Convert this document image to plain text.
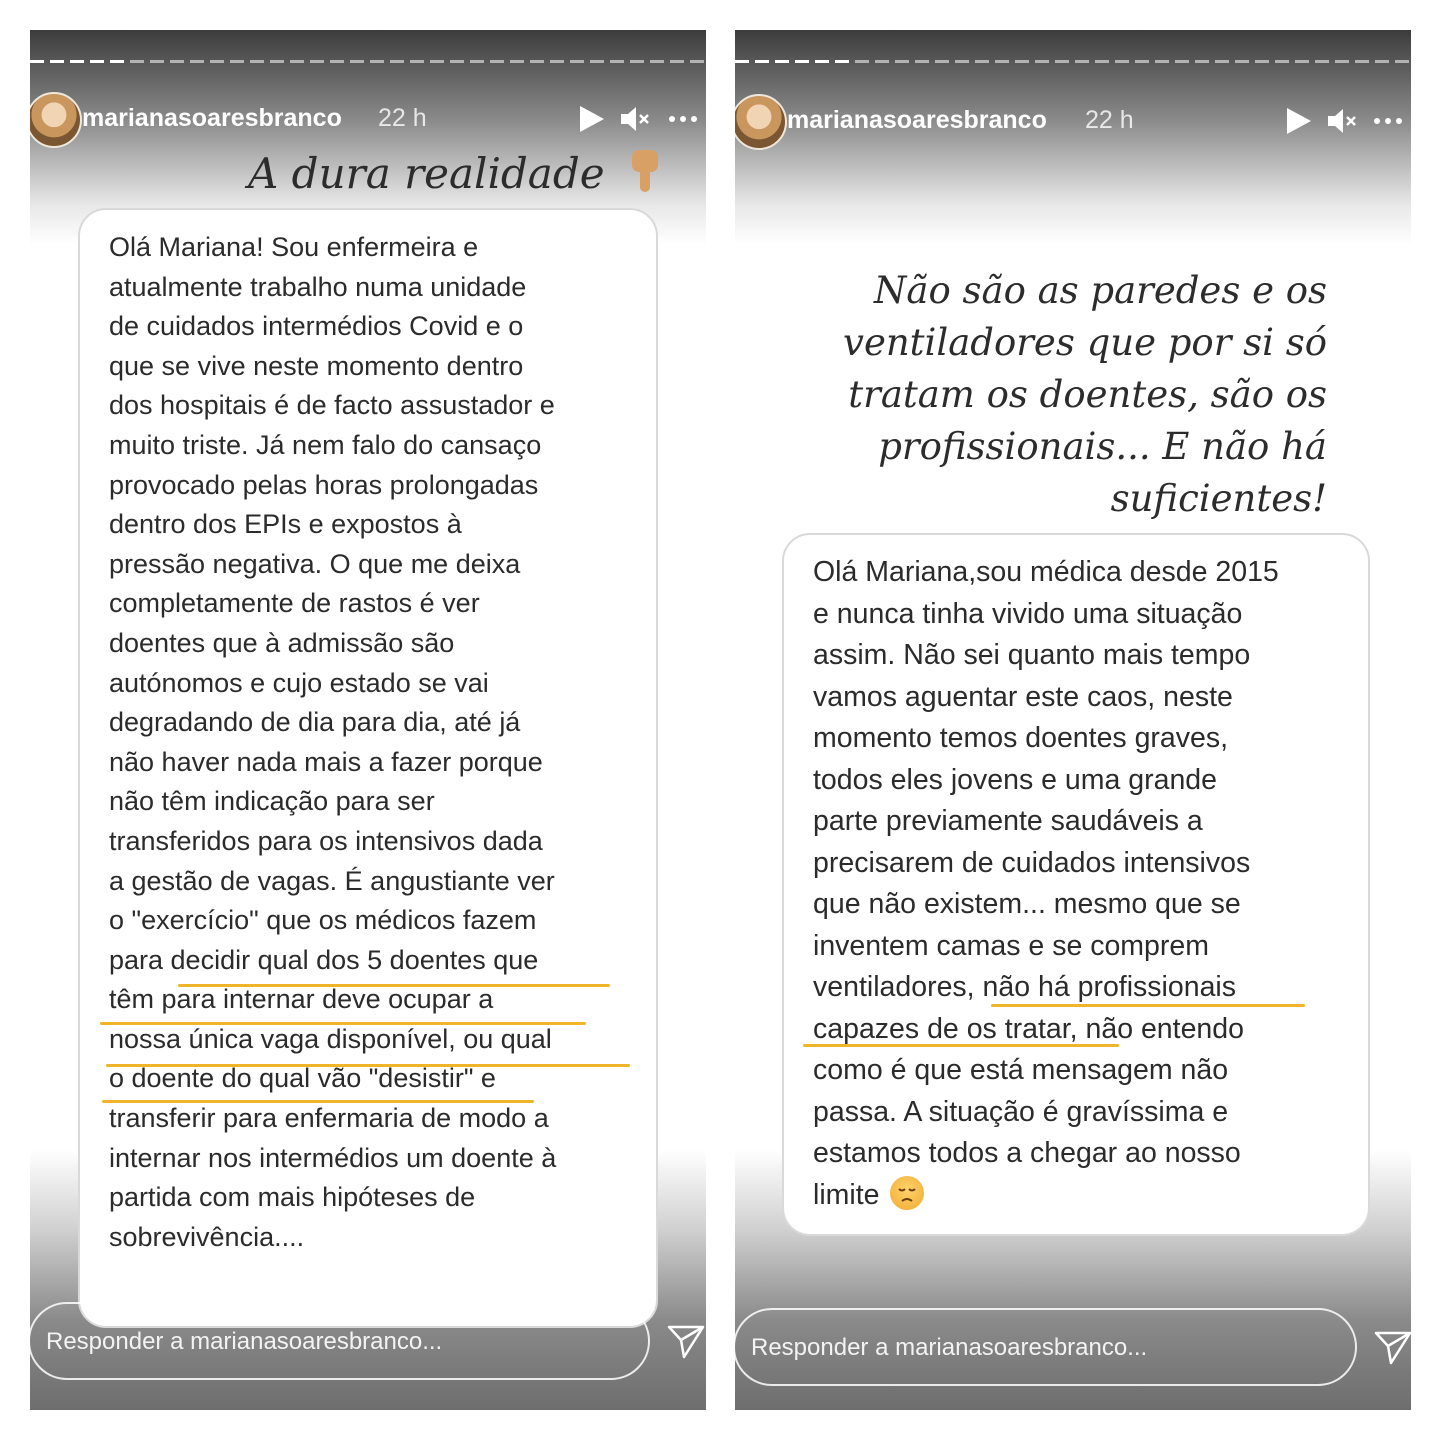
marianasoaresbranco 22 h
A dura realidade

Olá Mariana! Sou enfermeira e
atualmente trabalho numa unidade
de cuidados intermédios Covid e o
que se vive neste momento dentro
dos hospitais é de facto assustador e
muito triste. Já nem falo do cansaço
provocado pelas horas prolongadas
dentro dos EPIs e expostos à
pressão negativa. O que me deixa
completamente de rastos é ver
doentes que à admissão são
autónomos e cujo estado se vai
degradando de dia para dia, até já
não haver nada mais a fazer porque
não têm indicação para ser
transferidos para os intensivos dada
a gestão de vagas. É angustiante ver
o "exercício" que os médicos fazem
para decidir qual dos 5 doentes que
têm para internar deve ocupar a
nossa única vaga disponível, ou qual
o doente do qual vão "desistir" e
transferir para enfermaria de modo a
internar nos intermédios um doente à
partida com mais hipóteses de
sobrevivência....

Responder a marianasoaresbranco...
marianasoaresbranco 22 h
Não são as paredes e os
ventiladores que por si só
tratam os doentes, são os
profissionais... E não há
suficientes!

Olá Mariana,sou médica desde 2015
e nunca tinha vivido uma situação
assim. Não sei quanto mais tempo
vamos aguentar este caos, neste
momento temos doentes graves,
todos eles jovens e uma grande
parte previamente saudáveis a
precisarem de cuidados intensivos
que não existem... mesmo que se
inventem camas e se comprem
ventiladores, não há profissionais
capazes de os tratar, não entendo
como é que está mensagem não
passa. A situação é gravíssima e
estamos todos a chegar ao nosso
limite

Responder a marianasoaresbranco...
